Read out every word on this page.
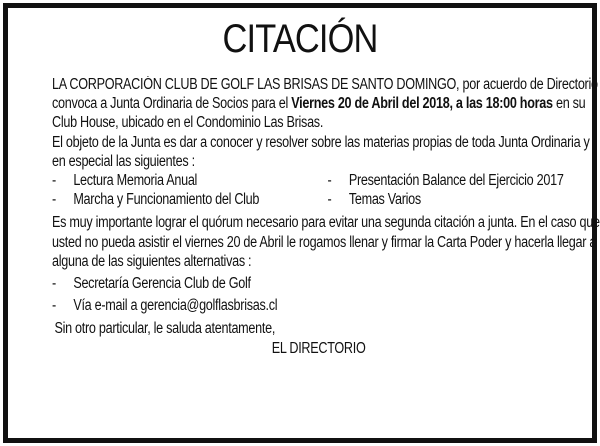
CITACIÓN

LA CORPORACIÓN CLUB DE GOLF LAS BRISAS DE SANTO DOMINGO, por acuerdo de Directorio convoca a Junta Ordinaria de Socios para el Viernes 20 de Abril del 2018, a las 18:00 horas en su Club House, ubicado en el Condominio Las Brisas.

El objeto de la Junta es dar a conocer y resolver sobre las materias propias de toda Junta Ordinaria y en especial las siguientes :

-	Lectura Memoria Anual	-	Presentación Balance del Ejercicio 2017
-	Marcha y Funcionamiento del Club	-	Temas Varios

Es muy importante lograr el quórum necesario para evitar una segunda citación a junta. En el caso que usted no pueda asistir el viernes 20 de Abril le rogamos llenar y firmar la Carta Poder y hacerla llegar a alguna de las siguientes alternativas :

-	Secretaría Gerencia Club de Golf
-	Vía e-mail a gerencia@golflasbrisas.cl

Sin otro particular, le saluda atentamente,

EL DIRECTORIO
